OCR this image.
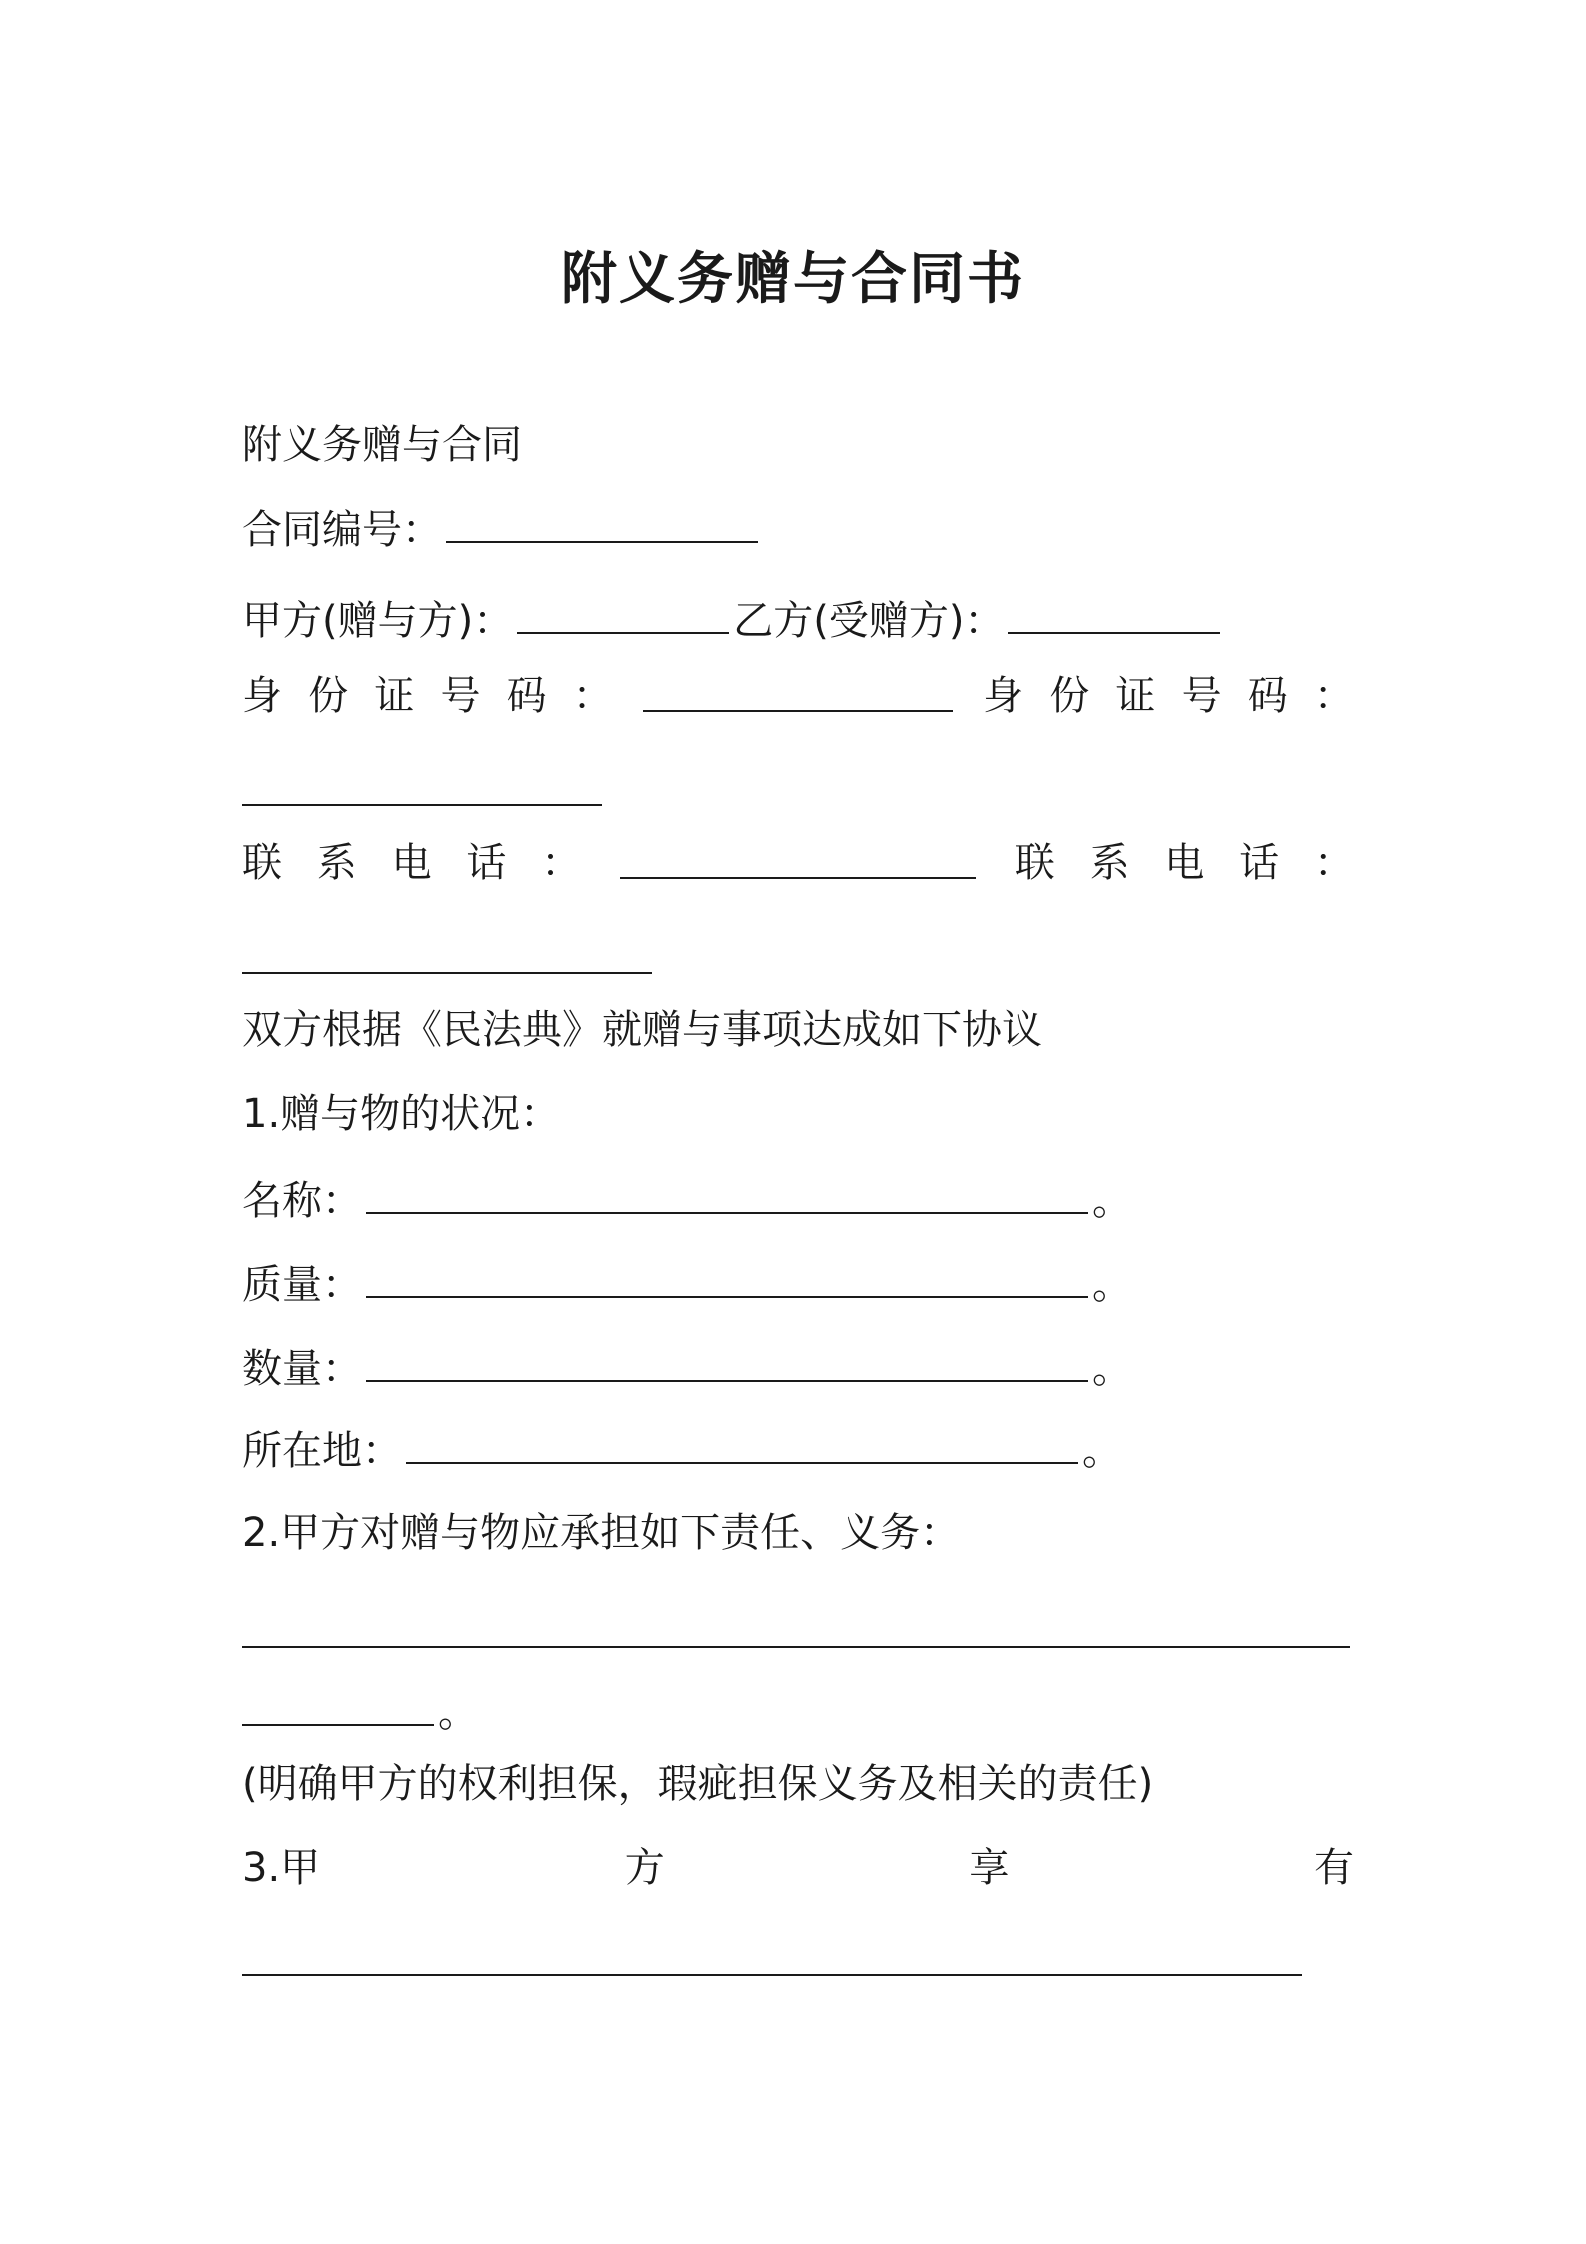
附义务赠与合同书
附义务赠与合同
合同编号：
甲方(赠与方)：	乙方(受赠方)：
身 份 证 号 码 ：	身 份 证 号 码 ：
联 系 电 话 ：	联 系 电 话 ：
双方根据《民法典》就赠与事项达成如下协议
1.赠与物的状况：
名称：	。
质量：	。
数量：	。
所在地：	。
2.甲方对赠与物应承担如下责任、义务：
。
(明确甲方的权利担保，瑕疵担保义务及相关的责任)
3.甲	方	享	有
